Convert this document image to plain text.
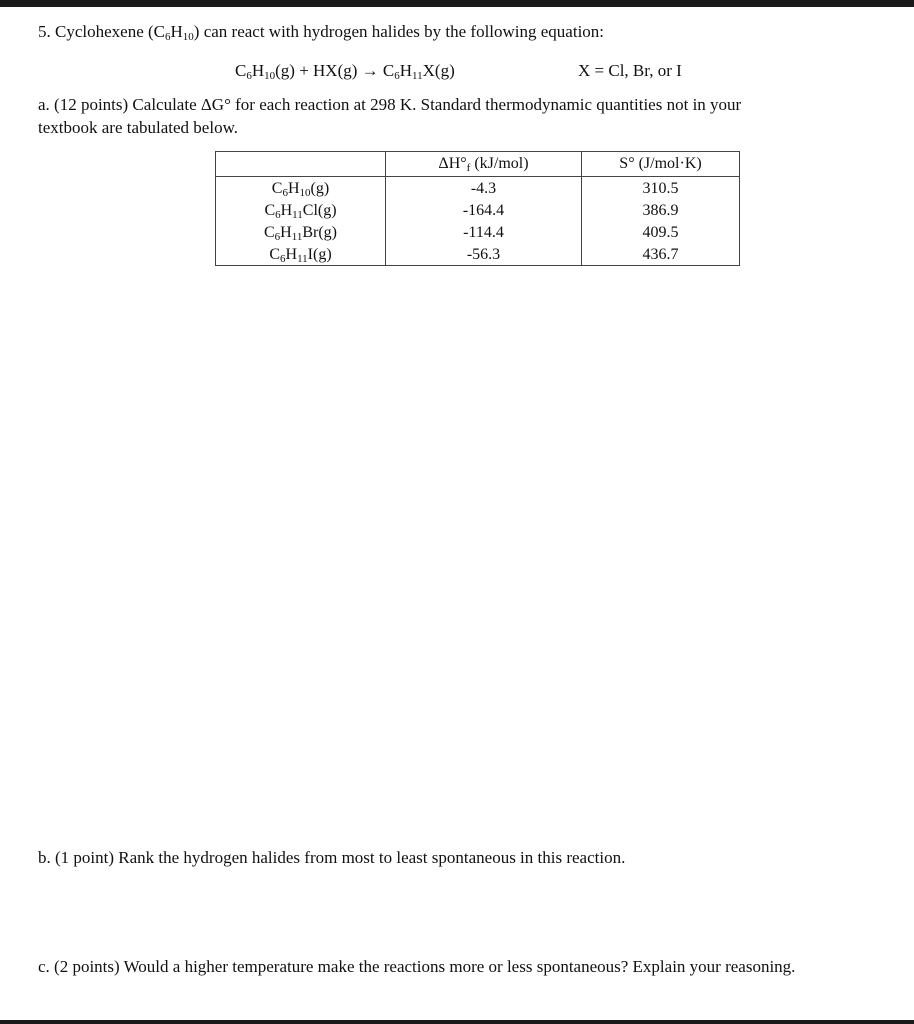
5. Cyclohexene $(C_6H_{10})$ can react with hydrogen halides by the following equation:
$C_6H_{10}(g) + HX(g) \to C_6H_{11}X(g)$	X = Cl, Br, or I
a. (12 points) Calculate ΔG° for each reaction at 298 K. Standard thermodynamic quantities not in your
textbook are tabulated below.
	$\Delta H^\circ_f$ (kJ/mol)	S° (J/mol·K)
$C_6H_{10}(g)$	-4.3	310.5
$C_6H_{11}Cl(g)$	-164.4	386.9
$C_6H_{11}Br(g)$	-114.4	409.5
$C_6H_{11}I(g)$	-56.3	436.7
b. (1 point) Rank the hydrogen halides from most to least spontaneous in this reaction.
c. (2 points) Would a higher temperature make the reactions more or less spontaneous? Explain your reasoning.
